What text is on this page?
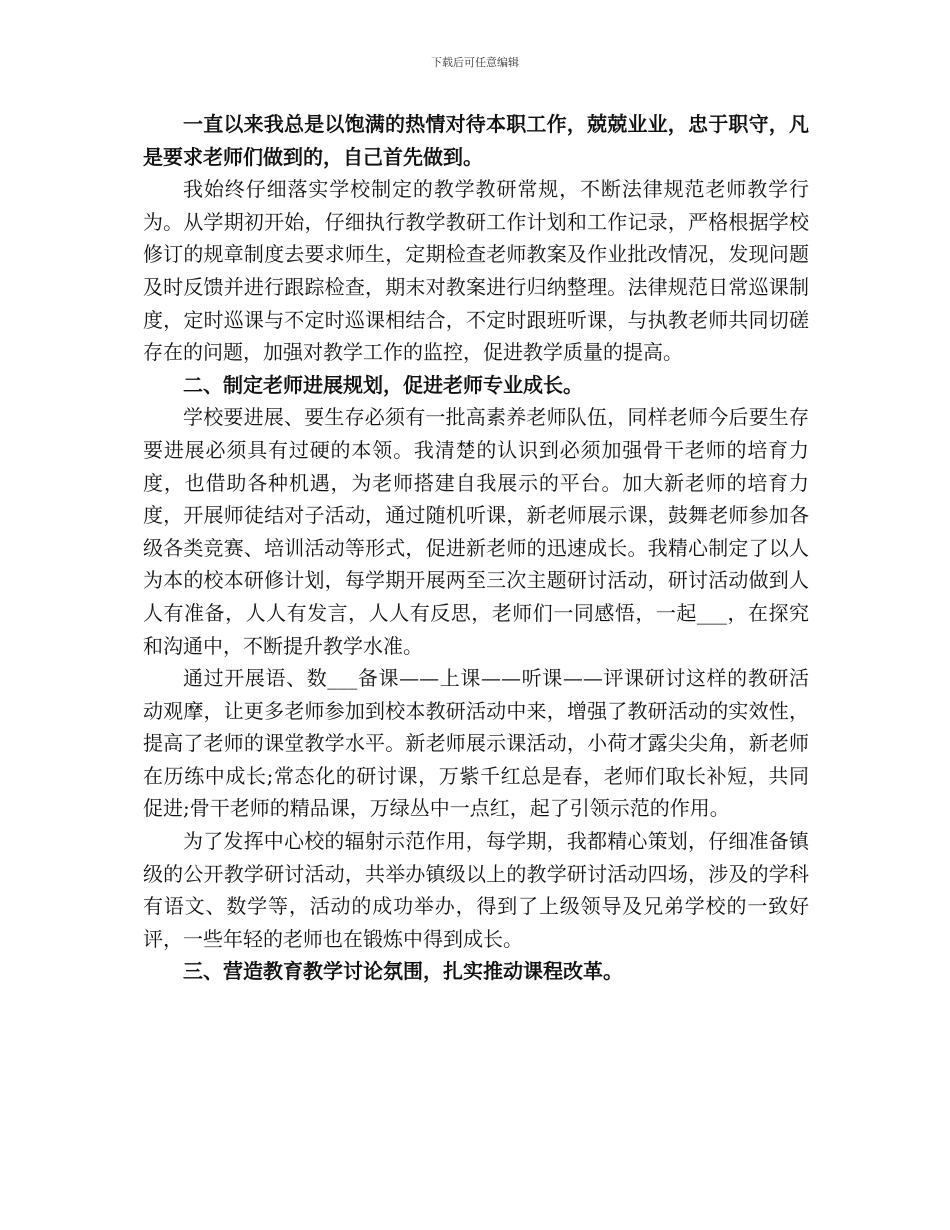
下载后可任意编辑

一直以来我总是以饱满的热情对待本职工作，兢兢业业，忠于职守，凡是要求老师们做到的，自己首先做到。

我始终仔细落实学校制定的教学教研常规，不断法律规范老师教学行为。从学期初开始，仔细执行教学教研工作计划和工作记录，严格根据学校修订的规章制度去要求师生，定期检查老师教案及作业批改情况，发现问题及时反馈并进行跟踪检查，期末对教案进行归纳整理。法律规范日常巡课制度，定时巡课与不定时巡课相结合，不定时跟班听课，与执教老师共同切磋存在的问题，加强对教学工作的监控，促进教学质量的提高。

二、制定老师进展规划，促进老师专业成长。

学校要进展、要生存必须有一批高素养老师队伍，同样老师今后要生存要进展必须具有过硬的本领。我清楚的认识到必须加强骨干老师的培育力度，也借助各种机遇，为老师搭建自我展示的平台。加大新老师的培育力度，开展师徒结对子活动，通过随机听课，新老师展示课，鼓舞老师参加各级各类竞赛、培训活动等形式，促进新老师的迅速成长。我精心制定了以人为本的校本研修计划，每学期开展两至三次主题研讨活动，研讨活动做到人人有准备，人人有发言，人人有反思，老师们一同感悟，一起___，在探究和沟通中，不断提升教学水准。

通过开展语、数___备课——上课——听课——评课研讨这样的教研活动观摩，让更多老师参加到校本教研活动中来，增强了教研活动的实效性，提高了老师的课堂教学水平。新老师展示课活动，小荷才露尖尖角，新老师在历练中成长;常态化的研讨课，万紫千红总是春，老师们取长补短，共同促进;骨干老师的精品课，万绿丛中一点红，起了引领示范的作用。

为了发挥中心校的辐射示范作用，每学期，我都精心策划，仔细准备镇级的公开教学研讨活动，共举办镇级以上的教学研讨活动四场，涉及的学科有语文、数学等，活动的成功举办，得到了上级领导及兄弟学校的一致好评，一些年轻的老师也在锻炼中得到成长。

三、营造教育教学讨论氛围，扎实推动课程改革。
